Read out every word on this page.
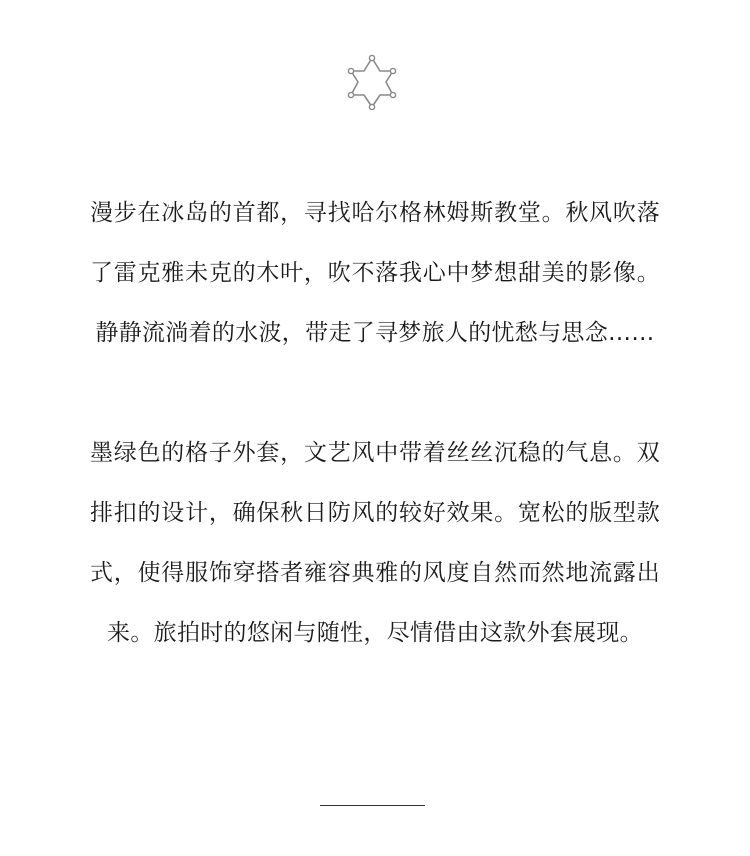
漫步在冰岛的首都，寻找哈尔格林姆斯教堂。秋风吹落了雷克雅未克的木叶，吹不落我心中梦想甜美的影像。静静流淌着的水波，带走了寻梦旅人的忧愁与思念……

墨绿色的格子外套，文艺风中带着丝丝沉稳的气息。双排扣的设计，确保秋日防风的较好效果。宽松的版型款式，使得服饰穿搭者雍容典雅的风度自然而然地流露出来。旅拍时的悠闲与随性，尽情借由这款外套展现。
